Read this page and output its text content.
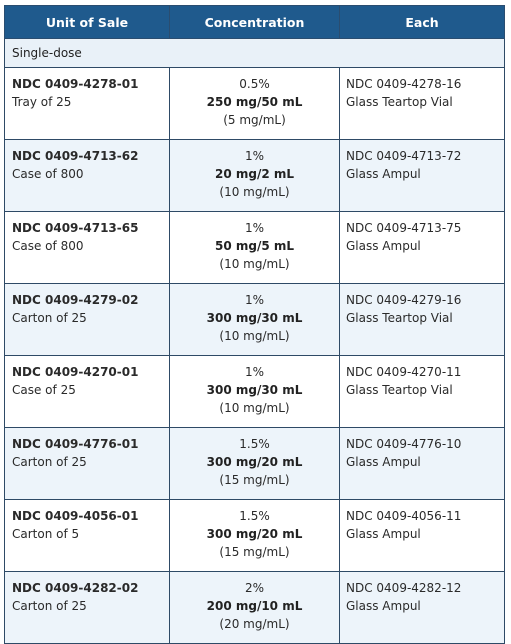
Unit of Sale	Concentration	Each
Single-dose		

NDC 0409-4278-01
Tray of 25	0.5%
250 mg/50 mL
(5 mg/mL)	NDC 0409-4278-16
Glass Teartop Vial

NDC 0409-4713-62
Case of 800	1%
20 mg/2 mL
(10 mg/mL)	NDC 0409-4713-72
Glass Ampul

NDC 0409-4713-65
Case of 800	1%
50 mg/5 mL
(10 mg/mL)	NDC 0409-4713-75
Glass Ampul

NDC 0409-4279-02
Carton of 25	1%
300 mg/30 mL
(10 mg/mL)	NDC 0409-4279-16
Glass Teartop Vial

NDC 0409-4270-01
Case of 25	1%
300 mg/30 mL
(10 mg/mL)	NDC 0409-4270-11
Glass Teartop Vial

NDC 0409-4776-01
Carton of 25	1.5%
300 mg/20 mL
(15 mg/mL)	NDC 0409-4776-10
Glass Ampul

NDC 0409-4056-01
Carton of 5	1.5%
300 mg/20 mL
(15 mg/mL)	NDC 0409-4056-11
Glass Ampul

NDC 0409-4282-02
Carton of 25	2%
200 mg/10 mL
(20 mg/mL)	NDC 0409-4282-12
Glass Ampul
